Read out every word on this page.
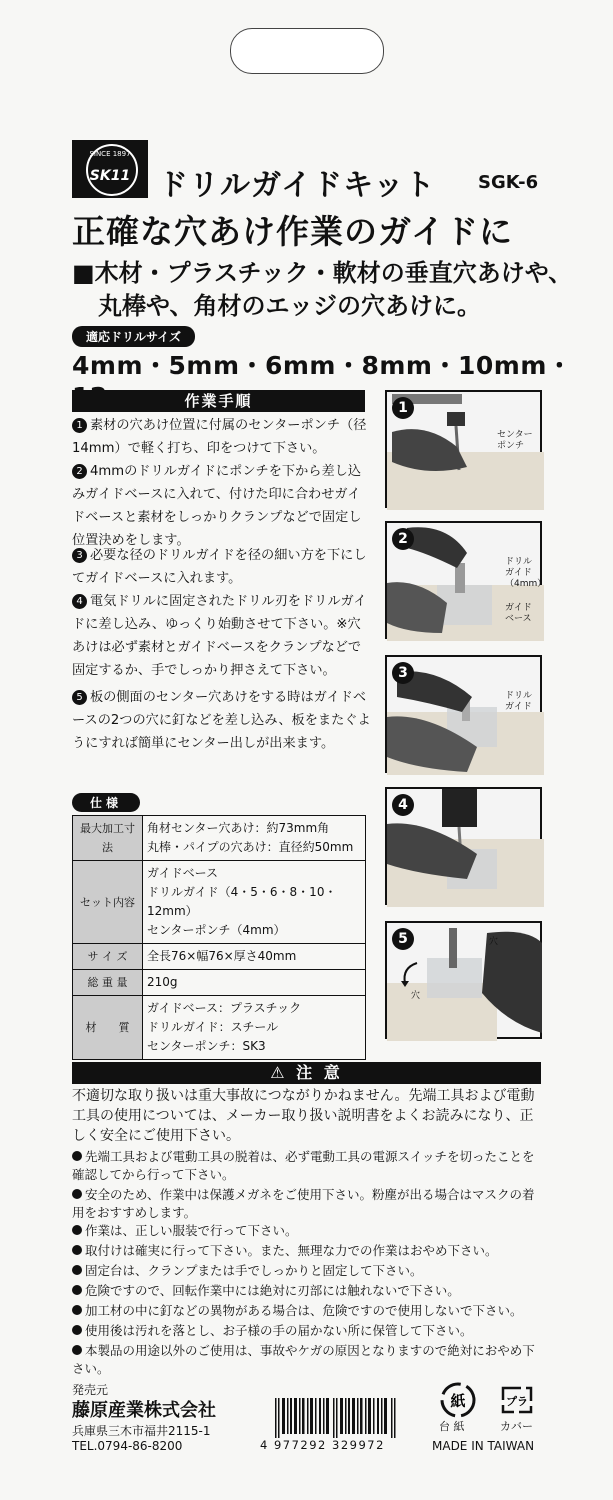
SINCE 1897
SK11 ドリルガイドキット SGK-6
正確な穴あけ作業のガイドに
■木材・プラスチック・軟材の垂直穴あけや、
丸棒や、角材のエッジの穴あけに。
適応ドリルサイズ
4mm・5mm・6mm・8mm・10mm・
作業手順
1 素材の穴あけ位置に付属のセンターポンチ（径14mm）で軽く打ち、印をつけて下さい。
2 4mmのドリルガイドにポンチを下から差し込みガイドベースに入れて、付けた印に合わせガイドベースと素材をしっかりクランプなどで固定し位置決めをします。
3 必要な径のドリルガイドを径の細い方を下にしてガイドベースに入れます。
4 電気ドリルに固定されたドリル刃をドリルガイドに差し込み、ゆっくり始動させて下さい。※穴あけは必ず素材とガイドベースをクランプなどで固定するか、手でしっかり押さえて下さい。
5 板の側面のセンター穴あけをする時はガイドベースの2つの穴に釘などを差し込み、板をまたぐようにすれば簡単にセンター出しが出来ます。
1
センター
ポンチ
2
ドリル
ガイド
（4mm）
ガイド
ベース
3
ドリル
ガイド
4
5	穴
穴
仕様
最大加工寸法	角材センター穴あけ：約73mm角
丸棒・パイプの穴あけ：直径約50mm
セット内容	ガイドベース
ドリルガイド（4・5・6・8・10・12mm）
センターポンチ（4mm）
サ イ ズ	全長76×幅76×厚さ40mm
総 重 量	210g
材　　質	ガイドベース：プラスチック
ドリルガイド：スチール
センターポンチ：SK3
⚠ 注 意
不適切な取り扱いは重大事故につながりかねません。先端工具および電動工具の使用については、メーカー取り扱い説明書をよくお読みになり、正しく安全にご使用下さい。
先端工具および電動工具の脱着は、必ず電動工具の電源スイッチを切ったことを確認してから行って下さい。
安全のため、作業中は保護メガネをご使用下さい。粉塵が出る場合はマスクの着用をおすすめします。
作業は、正しい服装で行って下さい。
取付けは確実に行って下さい。また、無理な力での作業はおやめ下さい。
固定台は、クランプまたは手でしっかりと固定して下さい。
危険ですので、回転作業中には絶対に刃部には触れないで下さい。
加工材の中に釘などの異物がある場合は、危険ですので使用しないで下さい。
使用後は汚れを落とし、お子様の手の届かない所に保管して下さい。
本製品の用途以外のご使用は、事故やケガの原因となりますので絶対におやめ下さい。
発売元
藤原産業株式会社
兵庫県三木市福井2115-1
TEL.0794-86-8200	4 977292 329972
紙
台 紙
プラ
カバー
MADE IN TAIWAN
